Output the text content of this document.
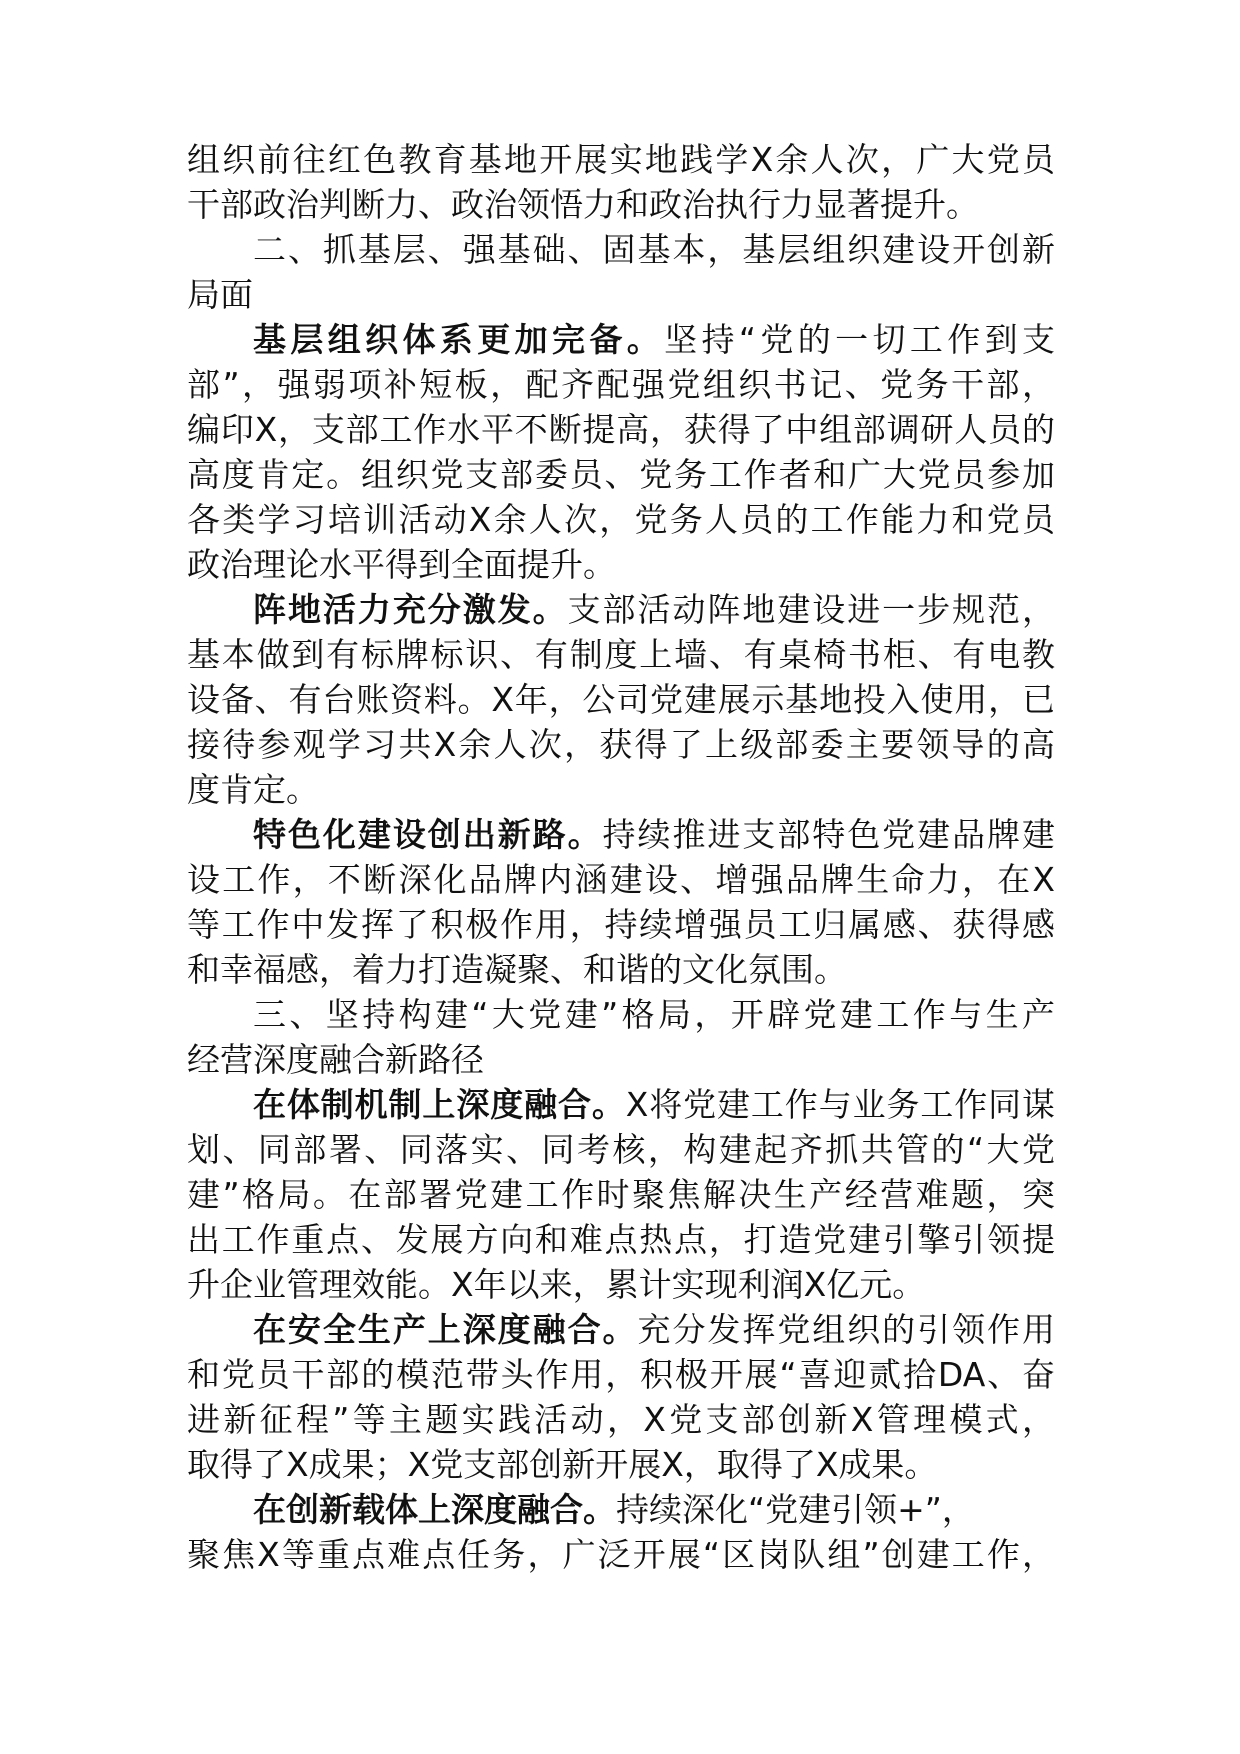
组织前往红色教育基地开展实地践学X余人次，广大党员
干部政治判断力、政治领悟力和政治执行力显著提升。
二、抓基层、强基础、固基本，基层组织建设开创新
局面
基层组织体系更加完备。坚持“党的一切工作到支
部”，强弱项补短板，配齐配强党组织书记、党务干部，
编印X，支部工作水平不断提高，获得了中组部调研人员的
高度肯定。组织党支部委员、党务工作者和广大党员参加
各类学习培训活动X余人次，党务人员的工作能力和党员
政治理论水平得到全面提升。
阵地活力充分激发。支部活动阵地建设进一步规范，
基本做到有标牌标识、有制度上墙、有桌椅书柜、有电教
设备、有台账资料。X年，公司党建展示基地投入使用，已
接待参观学习共X余人次，获得了上级部委主要领导的高
度肯定。
特色化建设创出新路。持续推进支部特色党建品牌建
设工作，不断深化品牌内涵建设、增强品牌生命力，在X
等工作中发挥了积极作用，持续增强员工归属感、获得感
和幸福感，着力打造凝聚、和谐的文化氛围。
三、坚持构建“大党建”格局，开辟党建工作与生产
经营深度融合新路径
在体制机制上深度融合。X将党建工作与业务工作同谋
划、同部署、同落实、同考核，构建起齐抓共管的“大党
建”格局。在部署党建工作时聚焦解决生产经营难题，突
出工作重点、发展方向和难点热点，打造党建引擎引领提
升企业管理效能。X年以来，累计实现利润X亿元。
在安全生产上深度融合。充分发挥党组织的引领作用
和党员干部的模范带头作用，积极开展“喜迎贰拾DA、奋
进新征程”等主题实践活动，X党支部创新X管理模式，
取得了X成果；X党支部创新开展X，取得了X成果。
在创新载体上深度融合。持续深化“党建引领+”，
聚焦X等重点难点任务，广泛开展“区岗队组”创建工作，
